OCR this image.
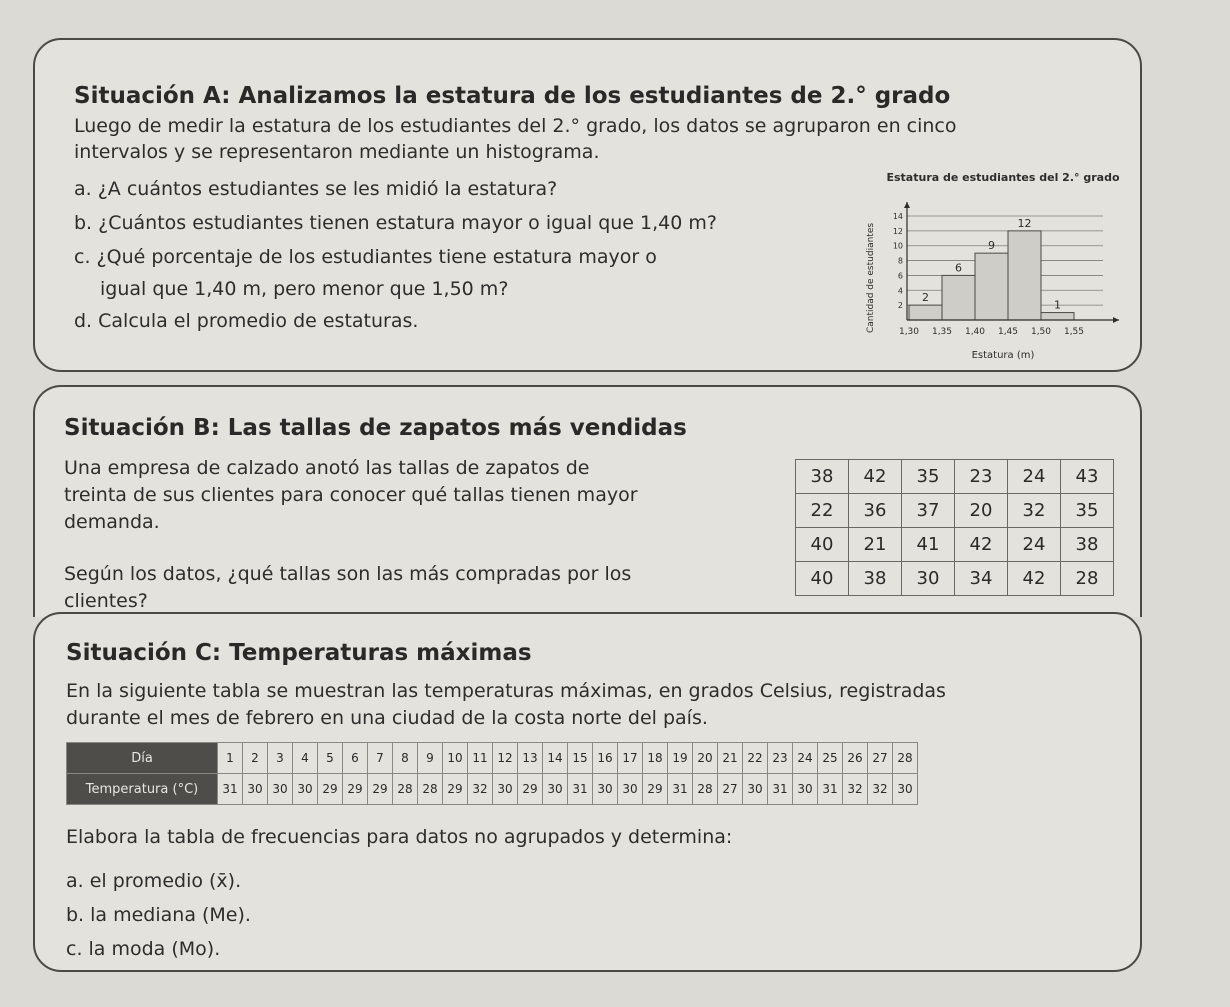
Situación A: Analizamos la estatura de los estudiantes de 2.° grado
Luego de medir la estatura de los estudiantes del 2.° grado, los datos se agruparon en cinco
intervalos y se representaron mediante un histograma.
a. ¿A cuántos estudiantes se les midió la estatura?
b. ¿Cuántos estudiantes tienen estatura mayor o igual que 1,40 m?
c. ¿Qué porcentaje de los estudiantes tiene estatura mayor o
igual que 1,40 m, pero menor que 1,50 m?
d. Calcula el promedio de estaturas.
Estatura de estudiantes del 2.° grado
Cantidad de estudiantes	2
4
6
8
10
12
14
1,30 1,35 1,40 1,45 1,50 1,55
2
6
9
12
1
Estatura (m)
Situación B: Las tallas de zapatos más vendidas
Una empresa de calzado anotó las tallas de zapatos de
treinta de sus clientes para conocer qué tallas tienen mayor
demanda.
Según los datos, ¿qué tallas son las más compradas por los
clientes?
38	42	35	23	24	43
22	36	37	20	32	35
40	21	41	42	24	38
40	38	30	34	42	28
Situación C: Temperaturas máximas
En la siguiente tabla se muestran las temperaturas máximas, en grados Celsius, registradas
durante el mes de febrero en una ciudad de la costa norte del país.
Día	1	2	3	4	5	6	7	8	9	10	11	12	13	14	15	16	17	18	19	20	21	22	23	24	25	26	27	28
Temperatura (°C)	31	30	30	30	29	29	29	28	28	29	32	30	29	30	31	30	30	29	31	28	27	30	31	30	31	32	32	30
Elabora la tabla de frecuencias para datos no agrupados y determina:
a. el promedio (x̄).
b. la mediana (Me).
c. la moda (Mo).
